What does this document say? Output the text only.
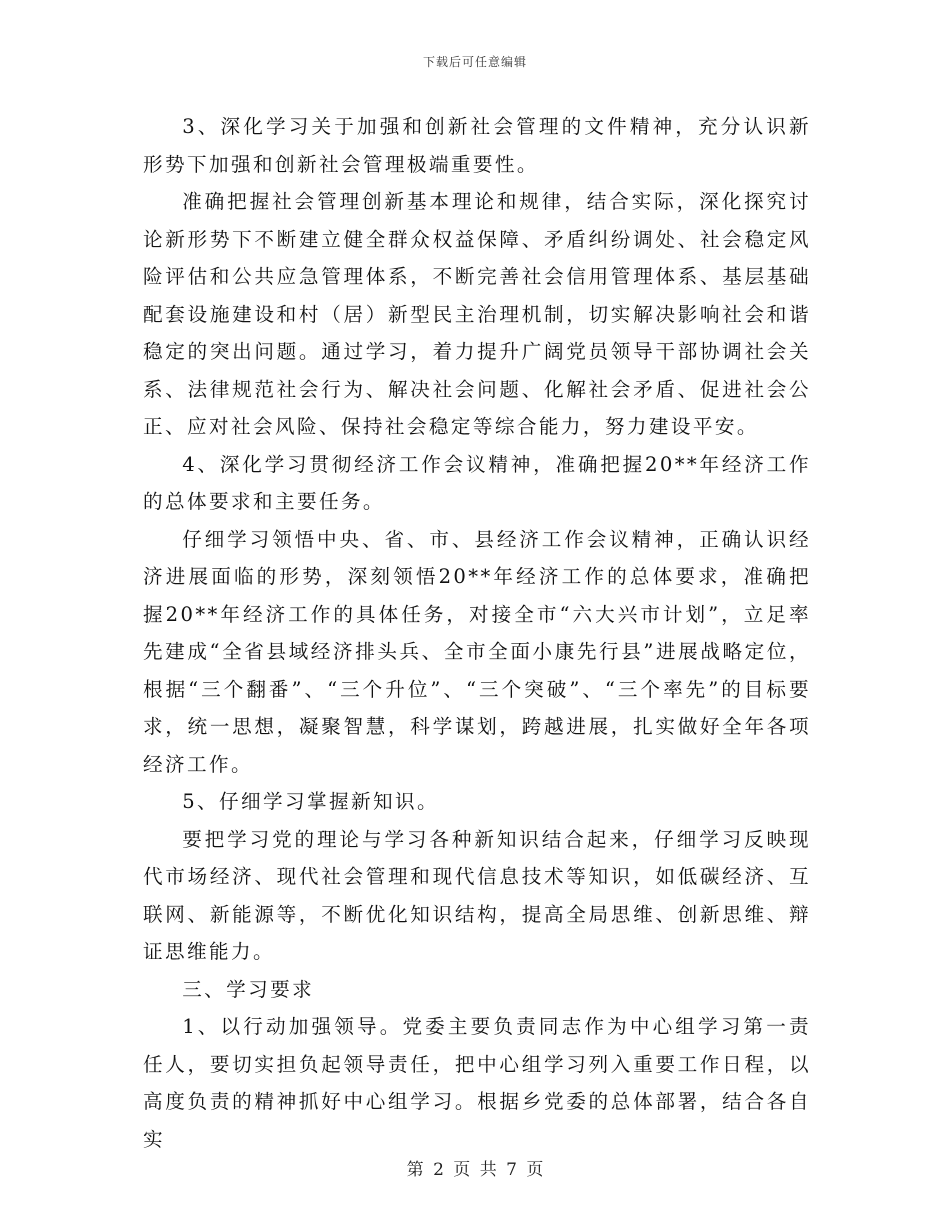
下载后可任意编辑

3、深化学习关于加强和创新社会管理的文件精神，充分认识新形势下加强和创新社会管理极端重要性。

准确把握社会管理创新基本理论和规律，结合实际，深化探究讨论新形势下不断建立健全群众权益保障、矛盾纠纷调处、社会稳定风险评估和公共应急管理体系，不断完善社会信用管理体系、基层基础配套设施建设和村（居）新型民主治理机制，切实解决影响社会和谐稳定的突出问题。通过学习，着力提升广阔党员领导干部协调社会关系、法律规范社会行为、解决社会问题、化解社会矛盾、促进社会公正、应对社会风险、保持社会稳定等综合能力，努力建设平安。

4、深化学习贯彻经济工作会议精神，准确把握20**年经济工作的总体要求和主要任务。

仔细学习领悟中央、省、市、县经济工作会议精神，正确认识经济进展面临的形势，深刻领悟20**年经济工作的总体要求，准确把握20**年经济工作的具体任务，对接全市“六大兴市计划”，立足率先建成“全省县域经济排头兵、全市全面小康先行县”进展战略定位，根据“三个翻番”、“三个升位”、“三个突破”、“三个率先”的目标要求，统一思想，凝聚智慧，科学谋划，跨越进展，扎实做好全年各项经济工作。

5、仔细学习掌握新知识。

要把学习党的理论与学习各种新知识结合起来，仔细学习反映现代市场经济、现代社会管理和现代信息技术等知识，如低碳经济、互联网、新能源等，不断优化知识结构，提高全局思维、创新思维、辩证思维能力。

三、学习要求

1、以行动加强领导。党委主要负责同志作为中心组学习第一责任人，要切实担负起领导责任，把中心组学习列入重要工作日程，以高度负责的精神抓好中心组学习。根据乡党委的总体部署，结合各自实

第 2 页 共 7 页
